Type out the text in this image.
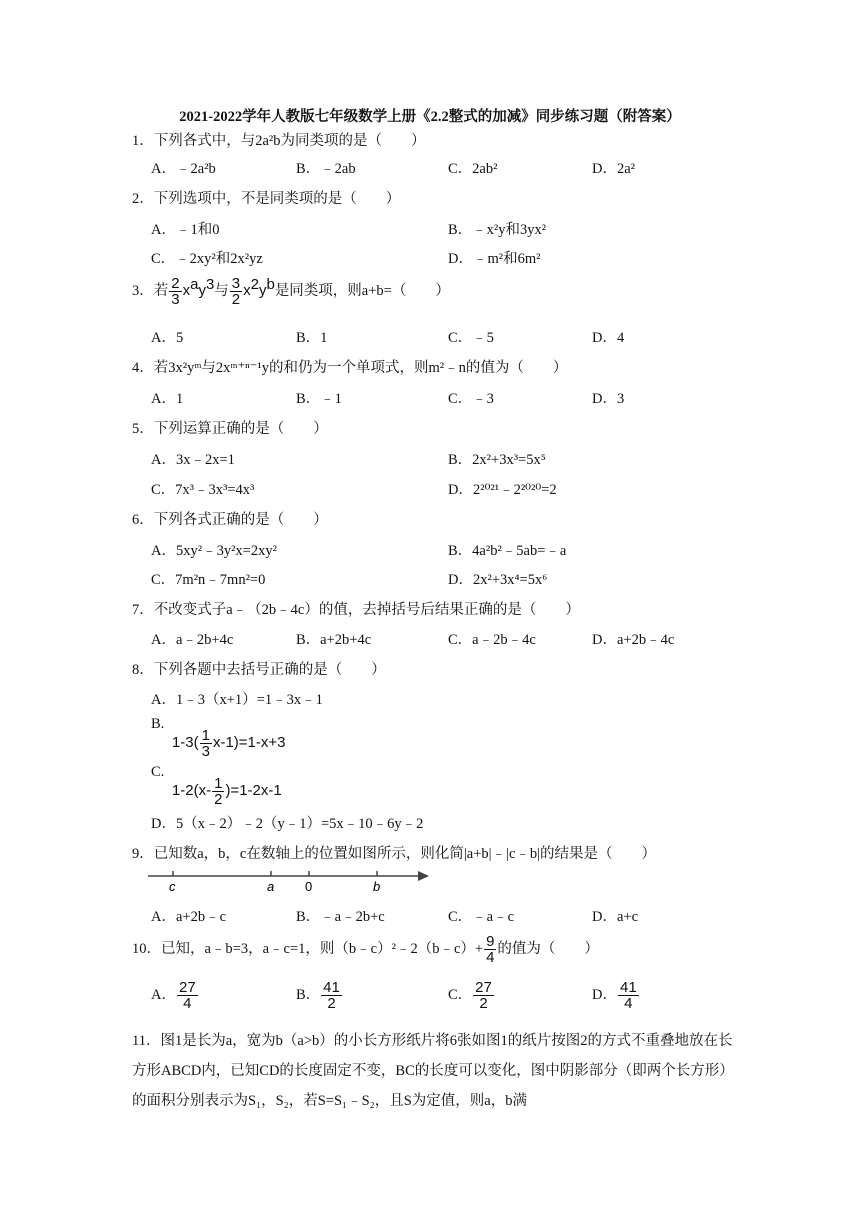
2021-2022学年人教版七年级数学上册《2.2整式的加减》同步练习题（附答案）
1．下列各式中，与2a²b为同类项的是（　　）
A．﹣2a²b	B．﹣2ab	C．2ab²	D．2a²
2．下列选项中，不是同类项的是（　　）
A．﹣1和0	B．﹣x²y和3yx²
C．﹣2xy²和2x²yz	D．﹣m²和6m²
3．若 $\frac{2}{3} x^ay^3$与 $\frac{3}{2} x^2y^b$是同类项，则a+b=（　　）
A．5	B．1	C．﹣5	D．4
4．若3x²yᵐ与2xᵐ⁺ⁿ⁻¹y的和仍为一个单项式，则m²﹣n的值为（　　）
A．1	B．﹣1	C．﹣3	D．3
5．下列运算正确的是（　　）
A．3x﹣2x=1	B．2x²+3x³=5x⁵
C．7x³﹣3x³=4x³	D．2²⁰²¹﹣2²⁰²⁰=2
6．下列各式正确的是（　　）
A．5xy²﹣3y²x=2xy²	B．4a²b²﹣5ab=﹣a
C．7m²n﹣7mn²=0	D．2x²+3x⁴=5x⁶
7．不改变式子a﹣（2b﹣4c）的值，去掉括号后结果正确的是（　　）
A．a﹣2b+4c	B．a+2b+4c	C．a﹣2b﹣4c	D．a+2b﹣4c
8．下列各题中去括号正确的是（　　）
A．1﹣3（x+1）=1﹣3x﹣1
B. $1-3( \frac{1}{3} x-1)=1-x+3$
C. $1-2(x- \frac{1}{2} )=1-2x-1$
D．5（x﹣2）﹣2（y﹣1）=5x﹣10﹣6y﹣2
9．已知数a，b，c在数轴上的位置如图所示，则化简|a+b|﹣|c﹣b|的结果是（　　）
c	a 0	b
A．a+2b﹣c	B．﹣a﹣2b+c	C．﹣a﹣c	D．a+c
10．已知，a﹣b=3，a﹣c=1，则（b﹣c）²﹣2（b﹣c）+ $\frac{9}{4}$ 的值为（　　）
A． $\frac{27}{4}$	B． $\frac{41}{2}$	C． $\frac{27}{2}$	D． $\frac{41}{4}$
11．图1是长为a，宽为b（a>b）的小长方形纸片将6张如图1的纸片按图2的方式不重叠地放在长方形ABCD内，已知CD的长度固定不变，BC的长度可以变化，图中阴影部分（即两个长方形）的面积分别表示为S₁，S₂，若S=S₁﹣S₂，且S为定值，则a，b满
